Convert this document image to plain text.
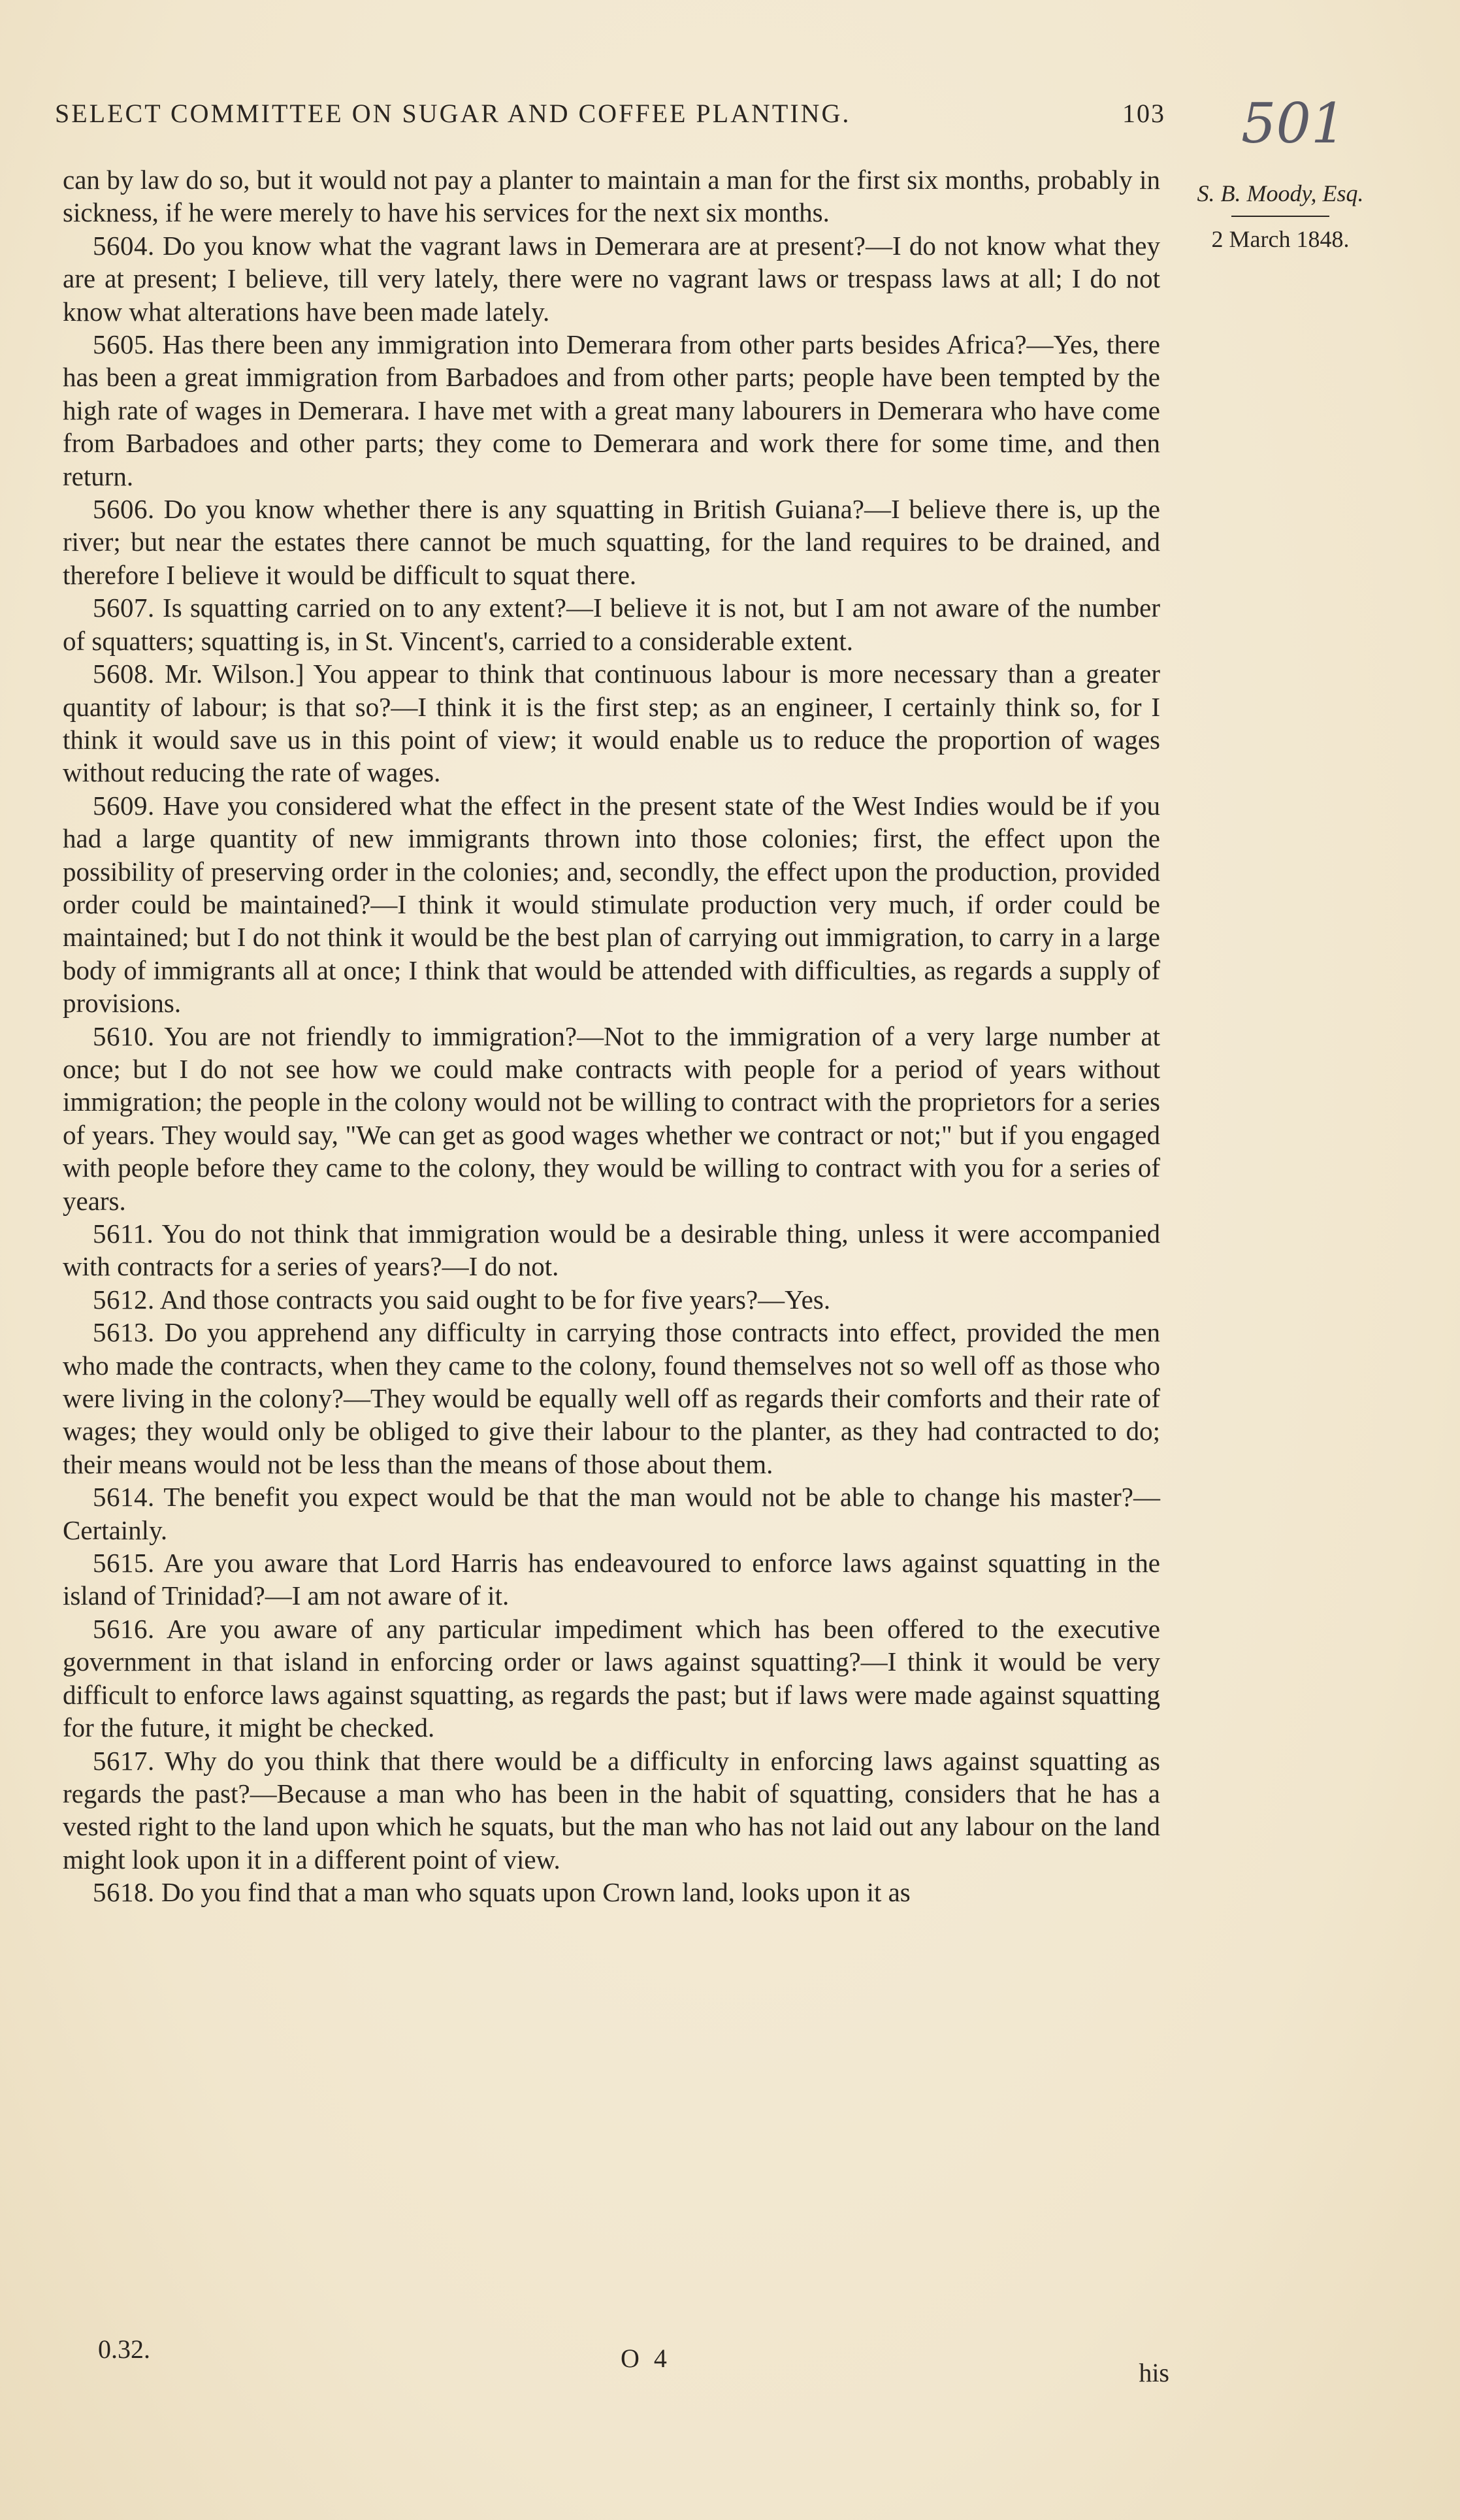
SELECT COMMITTEE ON SUGAR AND COFFEE PLANTING.	103 501
S. B. Moody, Esq.
2 March 1848.

can by law do so, but it would not pay a planter to maintain a man for the first six months, probably in sickness, if he were merely to have his services for the next six months.

5604. Do you know what the vagrant laws in Demerara are at present?—I do not know what they are at present; I believe, till very lately, there were no vagrant laws or trespass laws at all; I do not know what alterations have been made lately.

5605. Has there been any immigration into Demerara from other parts besides Africa?—Yes, there has been a great immigration from Barbadoes and from other parts; people have been tempted by the high rate of wages in Demerara. I have met with a great many labourers in Demerara who have come from Barbadoes and other parts; they come to Demerara and work there for some time, and then return.

5606. Do you know whether there is any squatting in British Guiana?—I believe there is, up the river; but near the estates there cannot be much squatting, for the land requires to be drained, and therefore I believe it would be difficult to squat there.

5607. Is squatting carried on to any extent?—I believe it is not, but I am not aware of the number of squatters; squatting is, in St. Vincent's, carried to a considerable extent.

5608. Mr. Wilson.] You appear to think that continuous labour is more necessary than a greater quantity of labour; is that so?—I think it is the first step; as an engineer, I certainly think so, for I think it would save us in this point of view; it would enable us to reduce the proportion of wages without reducing the rate of wages.

5609. Have you considered what the effect in the present state of the West Indies would be if you had a large quantity of new immigrants thrown into those colonies; first, the effect upon the possibility of preserving order in the colonies; and, secondly, the effect upon the production, provided order could be maintained?—I think it would stimulate production very much, if order could be maintained; but I do not think it would be the best plan of carrying out immigration, to carry in a large body of immigrants all at once; I think that would be attended with difficulties, as regards a supply of provisions.

5610. You are not friendly to immigration?—Not to the immigration of a very large number at once; but I do not see how we could make contracts with people for a period of years without immigration; the people in the colony would not be willing to contract with the proprietors for a series of years. They would say, "We can get as good wages whether we contract or not;" but if you engaged with people before they came to the colony, they would be willing to contract with you for a series of years.

5611. You do not think that immigration would be a desirable thing, unless it were accompanied with contracts for a series of years?—I do not.

5612. And those contracts you said ought to be for five years?—Yes.

5613. Do you apprehend any difficulty in carrying those contracts into effect, provided the men who made the contracts, when they came to the colony, found themselves not so well off as those who were living in the colony?—They would be equally well off as regards their comforts and their rate of wages; they would only be obliged to give their labour to the planter, as they had contracted to do; their means would not be less than the means of those about them.

5614. The benefit you expect would be that the man would not be able to change his master?—Certainly.

5615. Are you aware that Lord Harris has endeavoured to enforce laws against squatting in the island of Trinidad?—I am not aware of it.

5616. Are you aware of any particular impediment which has been offered to the executive government in that island in enforcing order or laws against squatting?—I think it would be very difficult to enforce laws against squatting, as regards the past; but if laws were made against squatting for the future, it might be checked.

5617. Why do you think that there would be a difficulty in enforcing laws against squatting as regards the past?—Because a man who has been in the habit of squatting, considers that he has a vested right to the land upon which he squats, but the man who has not laid out any labour on the land might look upon it in a different point of view.

5618. Do you find that a man who squats upon Crown land, looks upon it as

0.32.	O 4	his
